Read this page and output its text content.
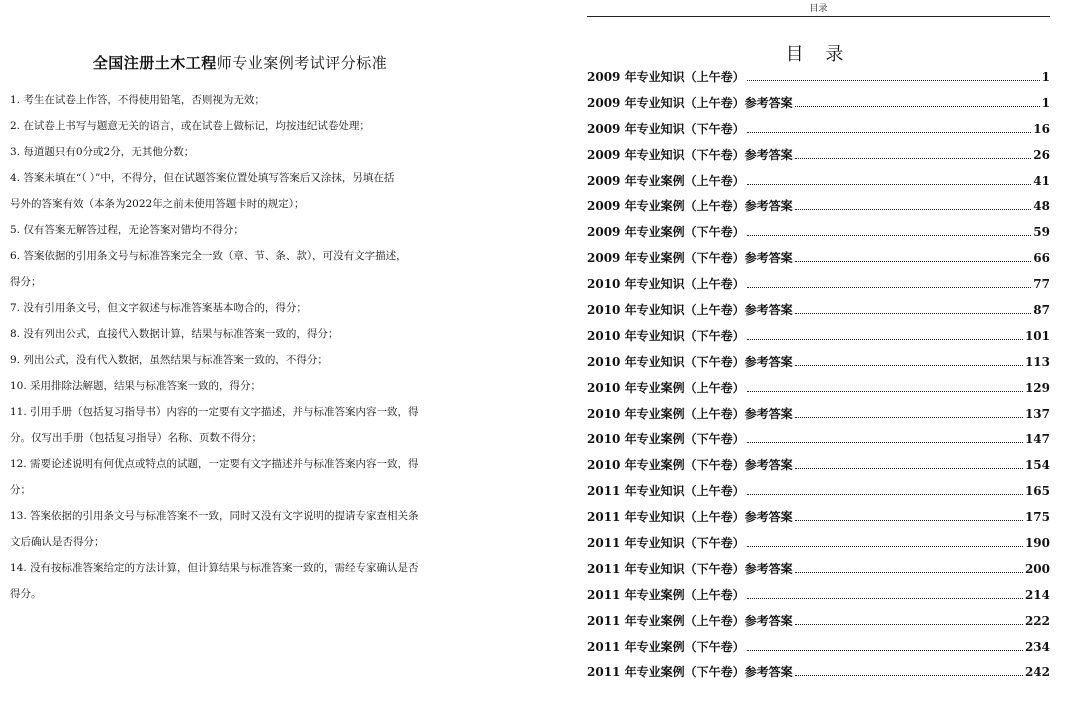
全国注册土木工程师专业案例考试评分标准
1. 考生在试卷上作答，不得使用铅笔，否则视为无效；
2. 在试卷上书写与题意无关的语言，或在试卷上做标记，均按违纪试卷处理；
3. 每道题只有0分或2分，无其他分数；
4. 答案未填在“（ ）”中，不得分，但在试题答案位置处填写答案后又涂抹，另填在括
号外的答案有效（本条为2022年之前未使用答题卡时的规定）；
5. 仅有答案无解答过程，无论答案对错均不得分；
6. 答案依据的引用条文号与标准答案完全一致（章、节、条、款），可没有文字描述，
得分；
7. 没有引用条文号，但文字叙述与标准答案基本吻合的，得分；
8. 没有列出公式，直接代入数据计算，结果与标准答案一致的，得分；
9. 列出公式，没有代入数据，虽然结果与标准答案一致的，不得分；
10. 采用排除法解题，结果与标准答案一致的，得分；
11. 引用手册（包括复习指导书）内容的一定要有文字描述，并与标准答案内容一致，得
分。仅写出手册（包括复习指导）名称、页数不得分；
12. 需要论述说明有何优点或特点的试题，一定要有文字描述并与标准答案内容一致，得
分；
13. 答案依据的引用条文号与标准答案不一致，同时又没有文字说明的提请专家查相关条
文后确认是否得分；
14. 没有按标准答案给定的方法计算，但计算结果与标准答案一致的，需经专家确认是否
得分。
目录
目 录
2009 年专业知识（上午卷）	1
2009 年专业知识（上午卷）参考答案	1
2009 年专业知识（下午卷）	16
2009 年专业知识（下午卷）参考答案	26
2009 年专业案例（上午卷）	41
2009 年专业案例（上午卷）参考答案	48
2009 年专业案例（下午卷）	59
2009 年专业案例（下午卷）参考答案	66
2010 年专业知识（上午卷）	77
2010 年专业知识（上午卷）参考答案	87
2010 年专业知识（下午卷）	101
2010 年专业知识（下午卷）参考答案	113
2010 年专业案例（上午卷）	129
2010 年专业案例（上午卷）参考答案	137
2010 年专业案例（下午卷）	147
2010 年专业案例（下午卷）参考答案	154
2011 年专业知识（上午卷）	165
2011 年专业知识（上午卷）参考答案	175
2011 年专业知识（下午卷）	190
2011 年专业知识（下午卷）参考答案	200
2011 年专业案例（上午卷）	214
2011 年专业案例（上午卷）参考答案	222
2011 年专业案例（下午卷）	234
2011 年专业案例（下午卷）参考答案	242
